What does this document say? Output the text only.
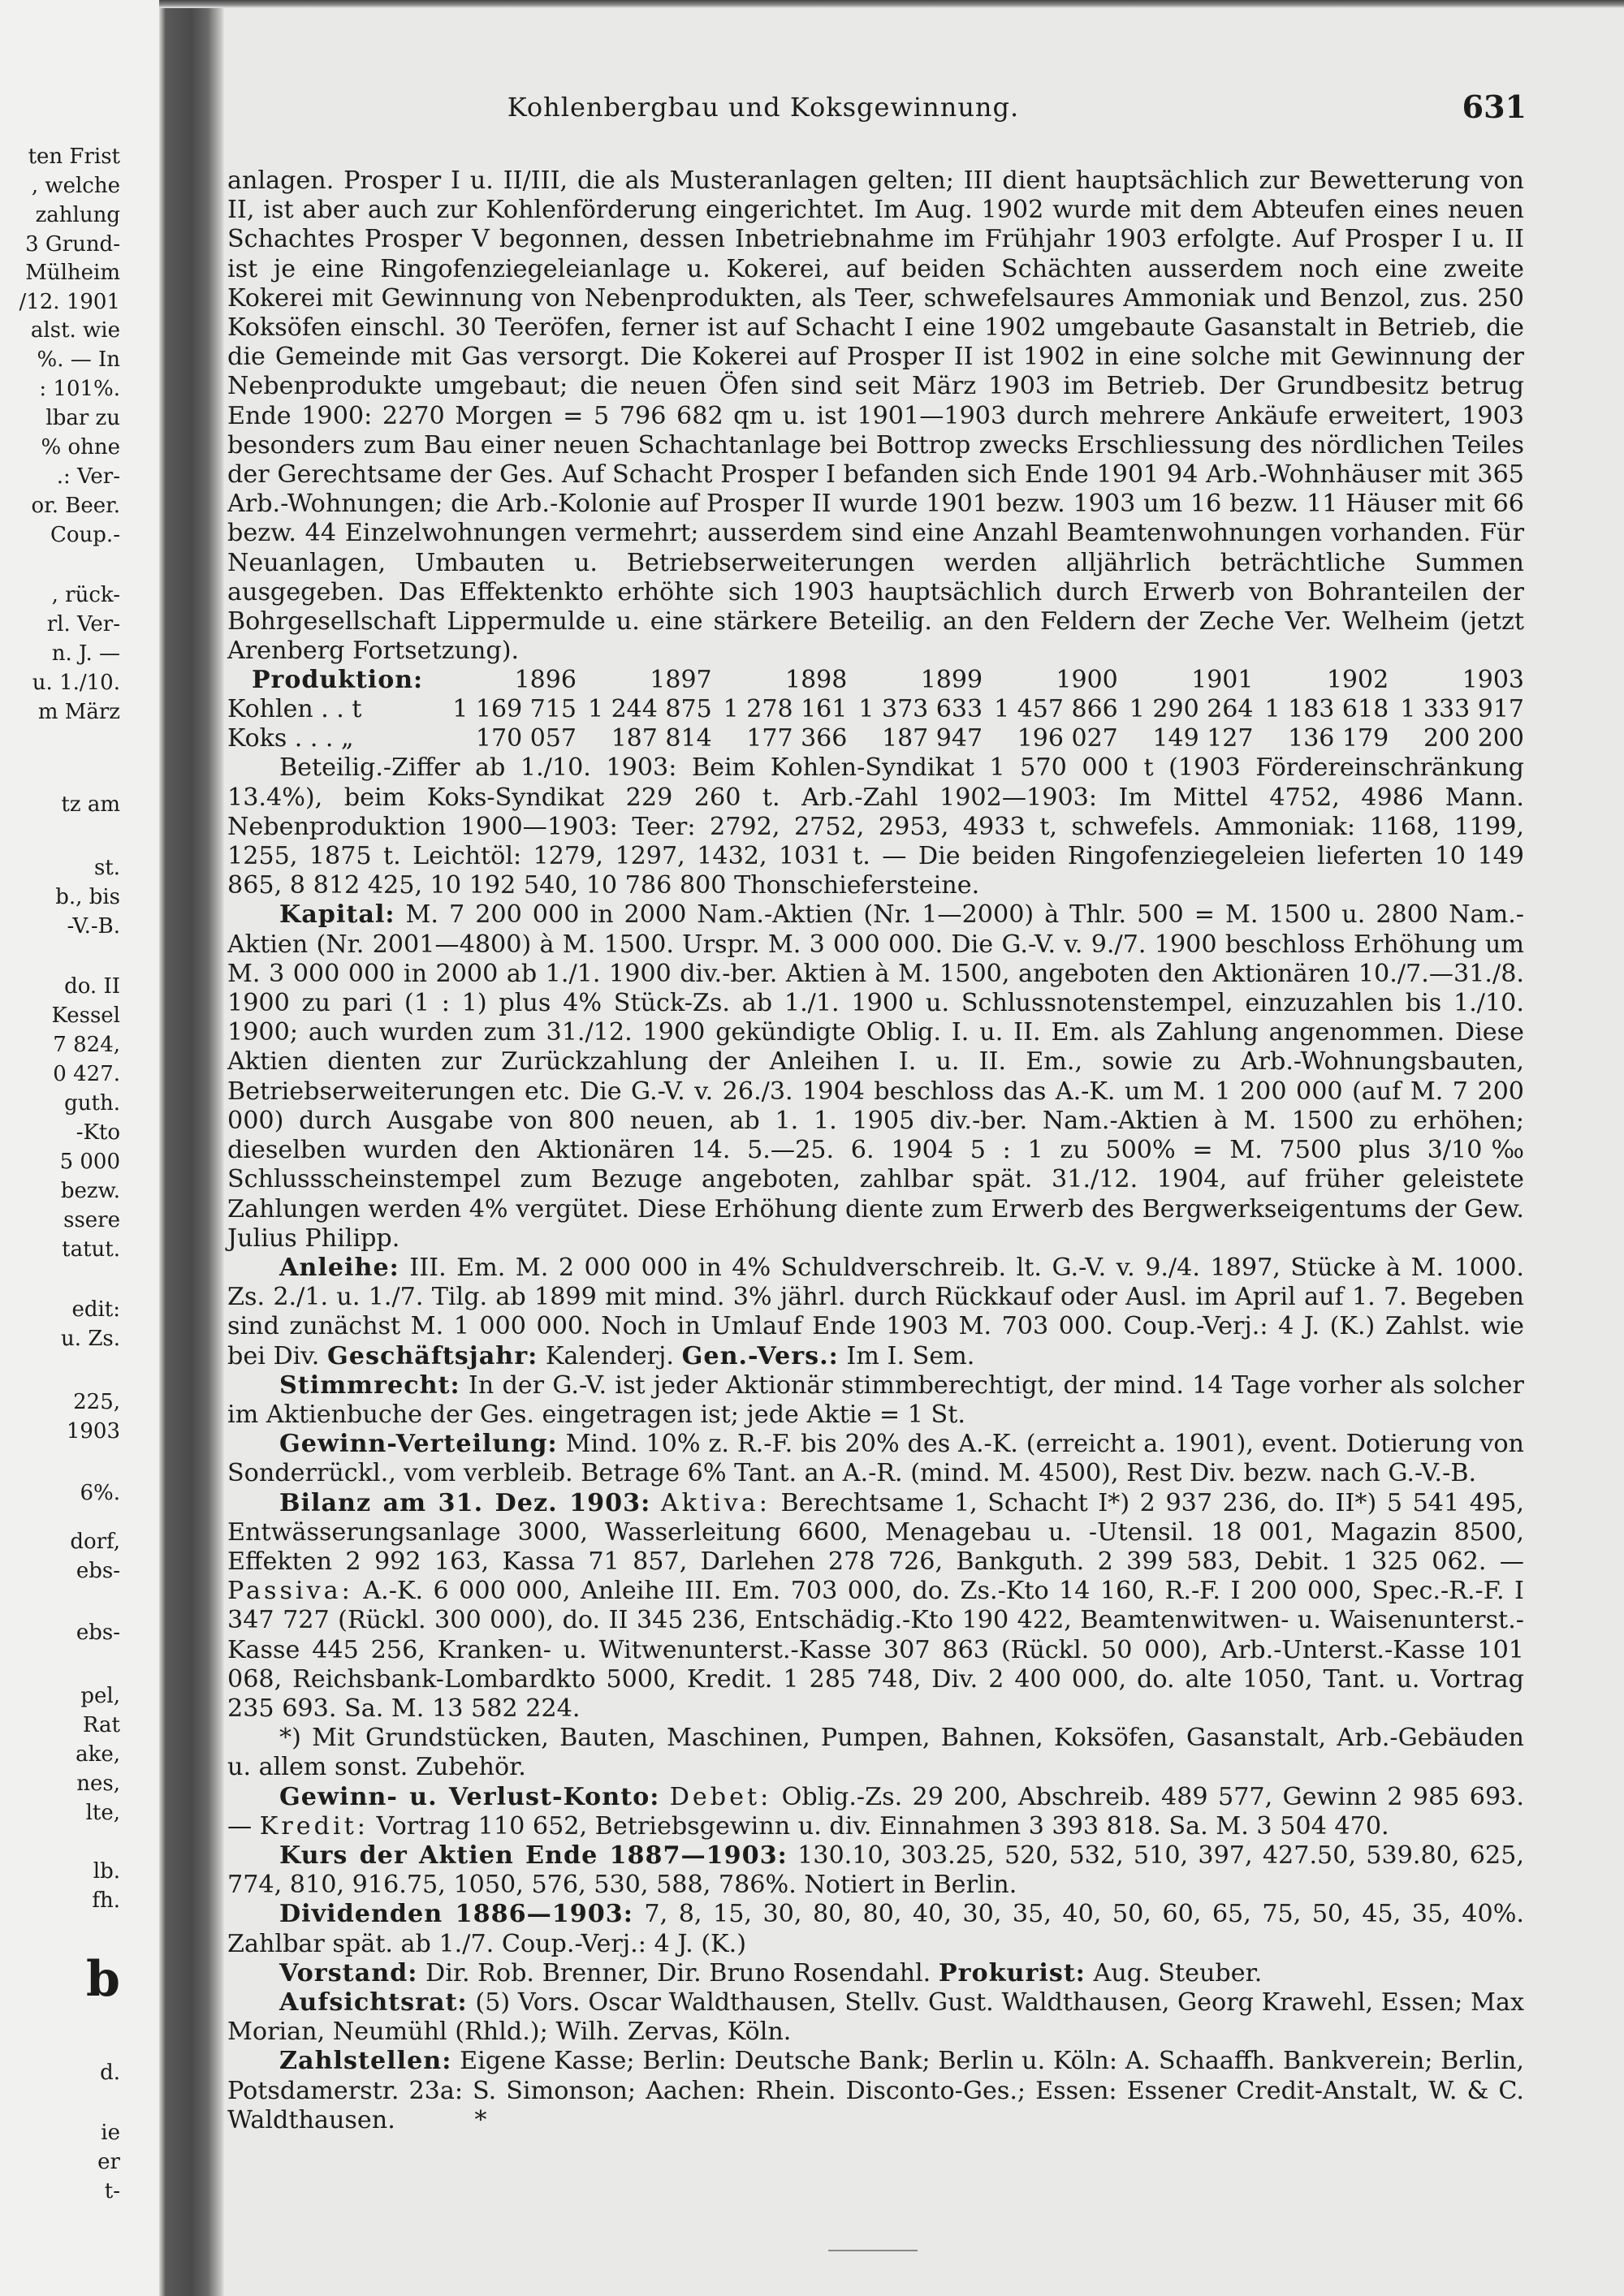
ten Frist
, welche
zahlung
3 Grund-
Mülheim
/12. 1901
alst. wie
%. — In
: 101%.
lbar zu
% ohne
.: Ver-
or. Beer.
Coup.-
, rück-
rl. Ver-
n. J. —
u. 1./10.
m März
tz am
st.
b., bis
-V.-B.
do. II
Kessel
7 824,
0 427.
guth.
-Kto
5 000
bezw.
ssere
tatut.
edit:
u. Zs.
225,
1903
6%.
dorf,
ebs-
ebs-
pel,
Rat
ake,
nes,
lte,
lb.
fh.
b
d.
ie
er
t-
Kohlenbergbau und Koksgewinnung.	631

anlagen. Prosper I u. II/III, die als Musteranlagen gelten; III dient hauptsächlich zur Bewetterung von II, ist aber auch zur Kohlenförderung eingerichtet. Im Aug. 1902 wurde mit dem Abteufen eines neuen Schachtes Prosper V begonnen, dessen Inbetriebnahme im Frühjahr 1903 erfolgte. Auf Prosper I u. II ist je eine Ringofenziegeleianlage u. Kokerei, auf beiden Schächten ausserdem noch eine zweite Kokerei mit Gewinnung von Nebenprodukten, als Teer, schwefelsaures Ammoniak und Benzol, zus. 250 Koksöfen einschl. 30 Teeröfen, ferner ist auf Schacht I eine 1902 umgebaute Gasanstalt in Betrieb, die die Gemeinde mit Gas versorgt. Die Kokerei auf Prosper II ist 1902 in eine solche mit Gewinnung der Nebenprodukte umgebaut; die neuen Öfen sind seit März 1903 im Betrieb. Der Grundbesitz betrug Ende 1900: 2270 Morgen = 5 796 682 qm u. ist 1901—1903 durch mehrere Ankäufe erweitert, 1903 besonders zum Bau einer neuen Schachtanlage bei Bottrop zwecks Erschliessung des nördlichen Teiles der Gerechtsame der Ges. Auf Schacht Prosper I befanden sich Ende 1901 94 Arb.-Wohnhäuser mit 365 Arb.-Wohnungen; die Arb.-Kolonie auf Prosper II wurde 1901 bezw. 1903 um 16 bezw. 11 Häuser mit 66 bezw. 44 Einzelwohnungen vermehrt; ausserdem sind eine Anzahl Beamtenwohnungen vorhanden. Für Neuanlagen, Umbauten u. Betriebserweiterungen werden alljährlich beträchtliche Summen ausgegeben. Das Effektenkto erhöhte sich 1903 hauptsächlich durch Erwerb von Bohranteilen der Bohrgesellschaft Lippermulde u. eine stärkere Beteilig. an den Feldern der Zeche Ver. Welheim (jetzt Arenberg Fortsetzung).

Produktion:	1896	1897	1898	1899	1900	1901	1902	1903
Kohlen . . t	1 169 715	1 244 875	1 278 161	1 373 633	1 457 866	1 290 264	1 183 618	1 333 917
Koks . . . „	170 057	187 814	177 366	187 947	196 027	149 127	136 179	200 200

Beteilig.-Ziffer ab 1./10. 1903: Beim Kohlen-Syndikat 1 570 000 t (1903 Fördereinschränkung 13.4%), beim Koks-Syndikat 229 260 t. Arb.-Zahl 1902—1903: Im Mittel 4752, 4986 Mann. Nebenproduktion 1900—1903: Teer: 2792, 2752, 2953, 4933 t, schwefels. Ammoniak: 1168, 1199, 1255, 1875 t. Leichtöl: 1279, 1297, 1432, 1031 t. — Die beiden Ringofenziegeleien lieferten 10 149 865, 8 812 425, 10 192 540, 10 786 800 Thonschiefersteine.

Kapital: M. 7 200 000 in 2000 Nam.-Aktien (Nr. 1—2000) à Thlr. 500 = M. 1500 u. 2800 Nam.-Aktien (Nr. 2001—4800) à M. 1500. Urspr. M. 3 000 000. Die G.-V. v. 9./7. 1900 beschloss Erhöhung um M. 3 000 000 in 2000 ab 1./1. 1900 div.-ber. Aktien à M. 1500, angeboten den Aktionären 10./7.—31./8. 1900 zu pari (1 : 1) plus 4% Stück-Zs. ab 1./1. 1900 u. Schlussnotenstempel, einzuzahlen bis 1./10. 1900; auch wurden zum 31./12. 1900 gekündigte Oblig. I. u. II. Em. als Zahlung angenommen. Diese Aktien dienten zur Zurückzahlung der Anleihen I. u. II. Em., sowie zu Arb.-Wohnungsbauten, Betriebserweiterungen etc. Die G.-V. v. 26./3. 1904 beschloss das A.-K. um M. 1 200 000 (auf M. 7 200 000) durch Ausgabe von 800 neuen, ab 1. 1. 1905 div.-ber. Nam.-Aktien à M. 1500 zu erhöhen; dieselben wurden den Aktionären 14. 5.—25. 6. 1904 5 : 1 zu 500% = M. 7500 plus 3/10‰ Schlussscheinstempel zum Bezuge angeboten, zahlbar spät. 31./12. 1904, auf früher geleistete Zahlungen werden 4% vergütet. Diese Erhöhung diente zum Erwerb des Bergwerkseigentums der Gew. Julius Philipp.

Anleihe: III. Em. M. 2 000 000 in 4% Schuldverschreib. lt. G.-V. v. 9./4. 1897, Stücke à M. 1000. Zs. 2./1. u. 1./7. Tilg. ab 1899 mit mind. 3% jährl. durch Rückkauf oder Ausl. im April auf 1. 7. Begeben sind zunächst M. 1 000 000. Noch in Umlauf Ende 1903 M. 703 000. Coup.-Verj.: 4 J. (K.) Zahlst. wie bei Div. Geschäftsjahr: Kalenderj. Gen.-Vers.: Im I. Sem.

Stimmrecht: In der G.-V. ist jeder Aktionär stimmberechtigt, der mind. 14 Tage vorher als solcher im Aktienbuche der Ges. eingetragen ist; jede Aktie = 1 St.

Gewinn-Verteilung: Mind. 10% z. R.-F. bis 20% des A.-K. (erreicht a. 1901), event. Dotierung von Sonderrückl., vom verbleib. Betrage 6% Tant. an A.-R. (mind. M. 4500), Rest Div. bezw. nach G.-V.-B.

Bilanz am 31. Dez. 1903: Aktiva: Berechtsame 1, Schacht I*) 2 937 236, do. II*) 5 541 495, Entwässerungsanlage 3000, Wasserleitung 6600, Menagebau u. -Utensil. 18 001, Magazin 8500, Effekten 2 992 163, Kassa 71 857, Darlehen 278 726, Bankguth. 2 399 583, Debit. 1 325 062. — Passiva: A.-K. 6 000 000, Anleihe III. Em. 703 000, do. Zs.-Kto 14 160, R.-F. I 200 000, Spec.-R.-F. I 347 727 (Rückl. 300 000), do. II 345 236, Entschädig.-Kto 190 422, Beamtenwitwen- u. Waisenunterst.-Kasse 445 256, Kranken- u. Witwenunterst.-Kasse 307 863 (Rückl. 50 000), Arb.-Unterst.-Kasse 101 068, Reichsbank-Lombardkto 5000, Kredit. 1 285 748, Div. 2 400 000, do. alte 1050, Tant. u. Vortrag 235 693. Sa. M. 13 582 224.

*) Mit Grundstücken, Bauten, Maschinen, Pumpen, Bahnen, Koksöfen, Gasanstalt, Arb.-Gebäuden u. allem sonst. Zubehör.

Gewinn- u. Verlust-Konto: Debet: Oblig.-Zs. 29 200, Abschreib. 489 577, Gewinn 2 985 693. — Kredit: Vortrag 110 652, Betriebsgewinn u. div. Einnahmen 3 393 818. Sa. M. 3 504 470.

Kurs der Aktien Ende 1887—1903: 130.10, 303.25, 520, 532, 510, 397, 427.50, 539.80, 625, 774, 810, 916.75, 1050, 576, 530, 588, 786%. Notiert in Berlin.

Dividenden 1886—1903: 7, 8, 15, 30, 80, 80, 40, 30, 35, 40, 50, 60, 65, 75, 50, 45, 35, 40%. Zahlbar spät. ab 1./7. Coup.-Verj.: 4 J. (K.)

Vorstand: Dir. Rob. Brenner, Dir. Bruno Rosendahl. Prokurist: Aug. Steuber.

Aufsichtsrat: (5) Vors. Oscar Waldthausen, Stellv. Gust. Waldthausen, Georg Krawehl, Essen; Max Morian, Neumühl (Rhld.); Wilh. Zervas, Köln.

Zahlstellen: Eigene Kasse; Berlin: Deutsche Bank; Berlin u. Köln: A. Schaaffh. Bankverein; Berlin, Potsdamerstr. 23a: S. Simonson; Aachen: Rhein. Disconto-Ges.; Essen: Essener Credit-Anstalt, W. & C. Waldthausen.	*
